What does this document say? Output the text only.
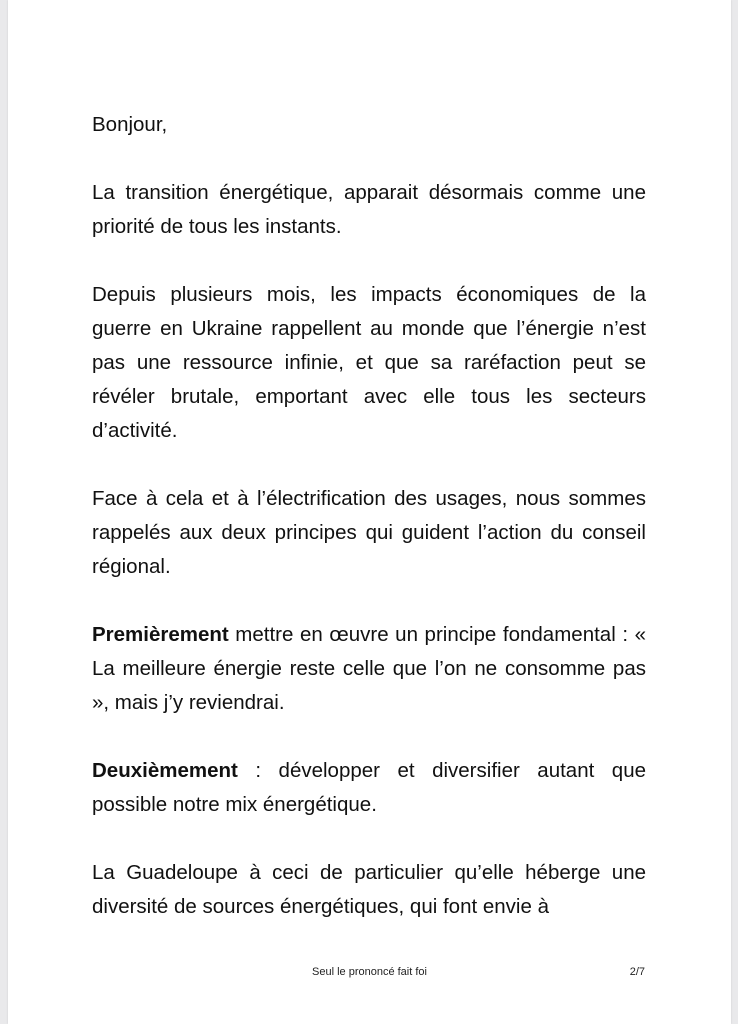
Bonjour,

La transition énergétique, apparait désormais comme une priorité de tous les instants.

Depuis plusieurs mois, les impacts économiques de la guerre en Ukraine rappellent au monde que l’énergie n’est pas une ressource infinie, et que sa raréfaction peut se révéler brutale, emportant avec elle tous les secteurs d’activité.

Face à cela et à l’électrification des usages, nous sommes rappelés aux deux principes qui guident l’action du conseil régional.

Premièrement mettre en œuvre un principe fondamental : « La meilleure énergie reste celle que l’on ne consomme pas », mais j’y reviendrai.

Deuxièmement : développer et diversifier autant que possible notre mix énergétique.

La Guadeloupe à ceci de particulier qu’elle héberge une diversité de sources énergétiques, qui font envie à

Seul le prononcé fait foi	2/7
